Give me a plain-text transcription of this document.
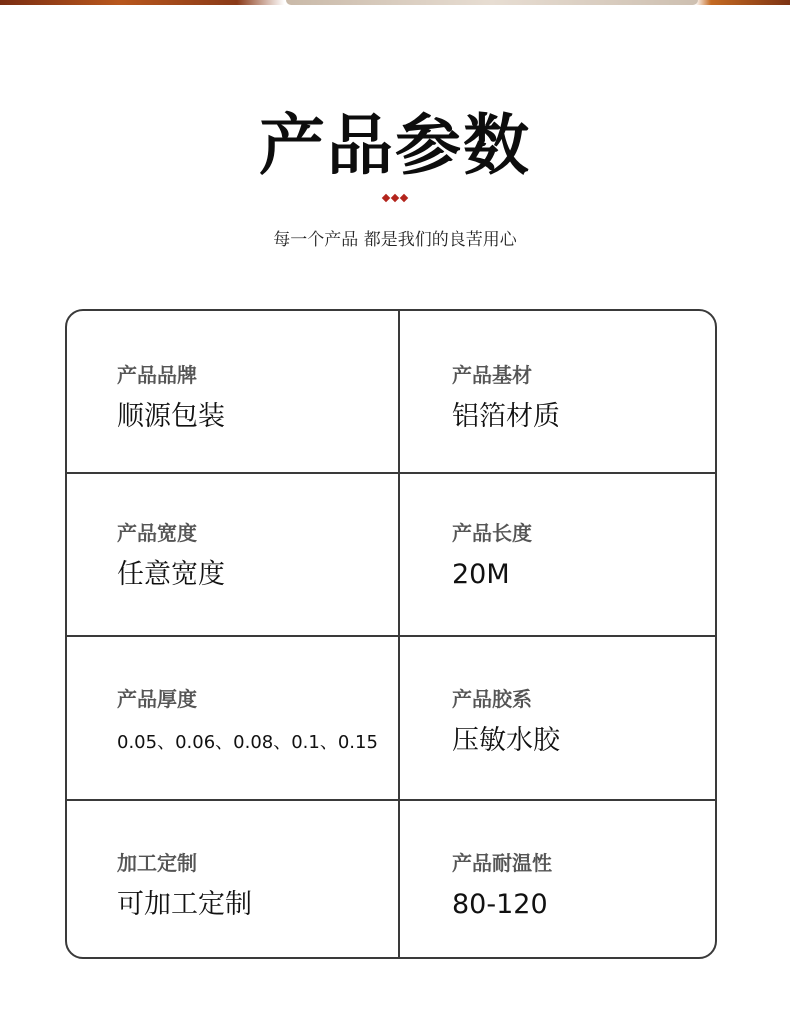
产品参数
每一个产品 都是我们的良苦用心
产品品牌
顺源包装
产品基材
铝箔材质
产品宽度
任意宽度
产品长度
20M
产品厚度
0.05、0.06、0.08、0.1、0.15
产品胶系
压敏水胶
加工定制
可加工定制
产品耐温性
80-120
